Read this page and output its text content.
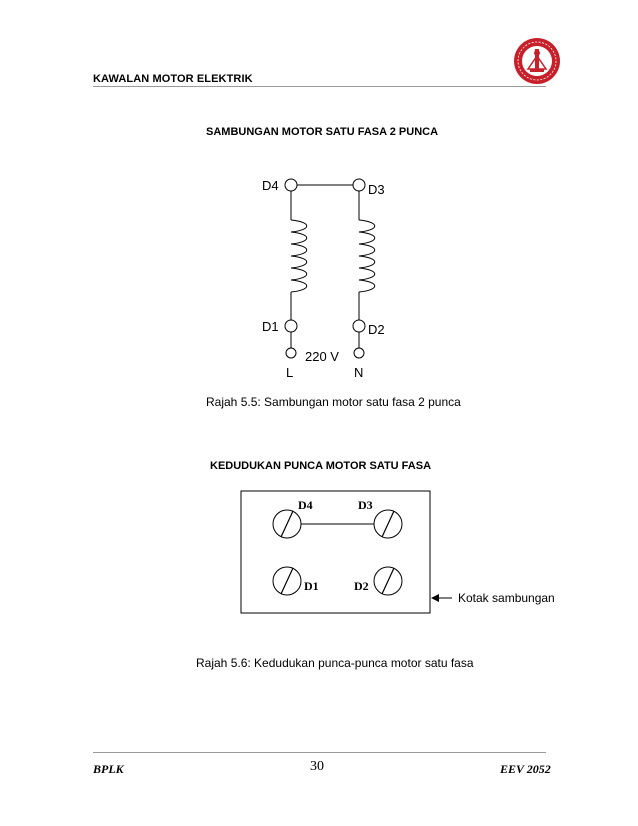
KAWALAN MOTOR ELEKTRIK
SAMBUNGAN MOTOR SATU FASA 2 PUNCA
D4	D3
D1	D2
220 V
L	N
Rajah 5.5: Sambungan motor satu fasa 2 punca
KEDUDUKAN PUNCA MOTOR SATU FASA
D4	D3
D1	D2
Kotak sambungan
Rajah 5.6: Kedudukan punca-punca motor satu fasa
BPLK	30	EEV 2052
